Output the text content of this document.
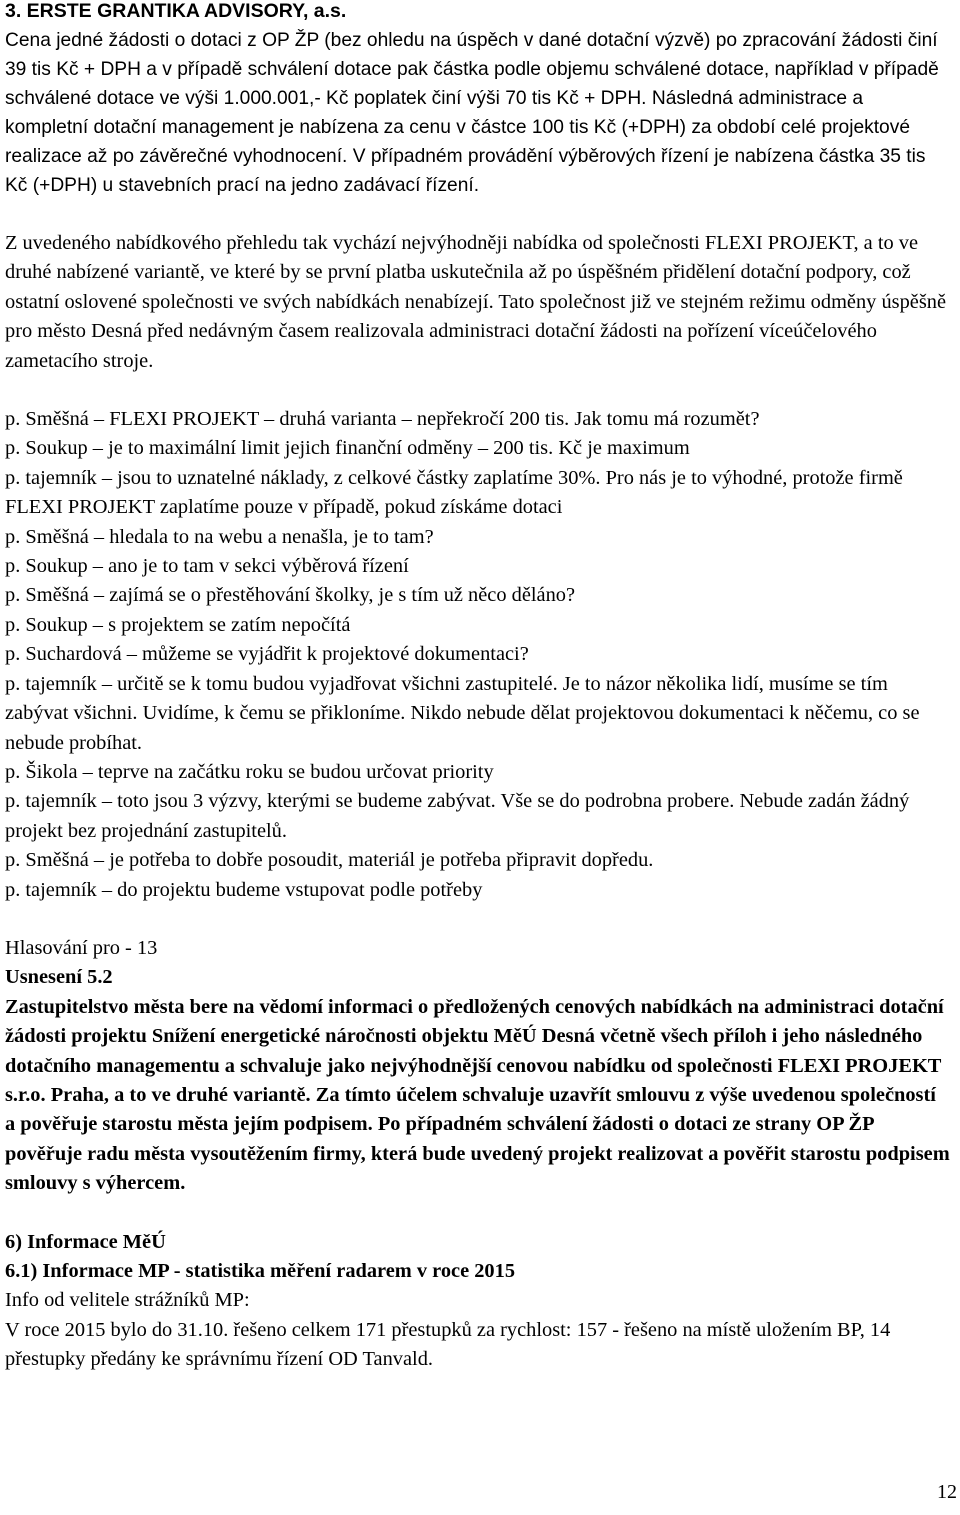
3. ERSTE GRANTIKA ADVISORY, a.s.

Cena jedné žádosti o dotaci z OP ŽP (bez ohledu na úspěch v dané dotační výzvě) po zpracování žádosti činí 39 tis Kč + DPH a v případě schválení dotace pak částka podle objemu schválené dotace, například v případě schválené dotace ve výši 1.000.001,- Kč poplatek činí výši 70 tis Kč + DPH. Následná administrace a kompletní dotační management je nabízena za cenu v částce 100 tis Kč (+DPH) za období celé projektové realizace až po závěrečné vyhodnocení. V případném provádění výběrových řízení je nabízena částka 35 tis Kč (+DPH) u stavebních prací na jedno zadávací řízení.

Z uvedeného nabídkového přehledu tak vychází nejvýhodněji nabídka od společnosti FLEXI PROJEKT, a to ve druhé nabízené variantě, ve které by se první platba uskutečnila až po úspěšném přidělení dotační podpory, což ostatní oslovené společnosti ve svých nabídkách nenabízejí. Tato společnost již ve stejném režimu odměny úspěšně pro město Desná před nedávným časem realizovala administraci dotační žádosti na pořízení víceúčelového zametacího stroje.

p. Směšná – FLEXI PROJEKT – druhá varianta – nepřekročí 200 tis. Jak tomu má rozumět?

p. Soukup – je to maximální limit jejich finanční odměny – 200 tis. Kč je maximum

p. tajemník – jsou to uznatelné náklady, z celkové částky zaplatíme 30%. Pro nás je to výhodné, protože firmě FLEXI PROJEKT zaplatíme pouze v případě, pokud získáme dotaci

p. Směšná – hledala to na webu a nenašla, je to tam?

p. Soukup – ano je to tam v sekci výběrová řízení

p. Směšná – zajímá se o přestěhování školky, je s tím už něco děláno?

p. Soukup – s projektem se zatím nepočítá

p. Suchardová – můžeme se vyjádřit k projektové dokumentaci?

p. tajemník – určitě se k tomu budou vyjadřovat všichni zastupitelé. Je to názor několika lidí, musíme se tím zabývat všichni. Uvidíme, k čemu se přikloníme. Nikdo nebude dělat projektovou dokumentaci k něčemu, co se nebude probíhat.

p. Šikola – teprve na začátku roku se budou určovat priority

p. tajemník – toto jsou 3 výzvy, kterými se budeme zabývat. Vše se do podrobna probere. Nebude zadán žádný projekt bez projednání zastupitelů.

p. Směšná – je potřeba to dobře posoudit, materiál je potřeba připravit dopředu.

p. tajemník – do projektu budeme vstupovat podle potřeby

Hlasování pro - 13

Usnesení 5.2

Zastupitelstvo města bere na vědomí informaci o předložených cenových nabídkách na administraci dotační žádosti projektu Snížení energetické náročnosti objektu MěÚ Desná včetně všech příloh i jeho následného dotačního managementu a schvaluje jako nejvýhodnější cenovou nabídku od společnosti FLEXI PROJEKT s.r.o. Praha, a to ve druhé variantě. Za tímto účelem schvaluje uzavřít smlouvu z výše uvedenou společností a pověřuje starostu města jejím podpisem. Po případném schválení žádosti o dotaci ze strany OP ŽP pověřuje radu města vysoutěžením firmy, která bude uvedený projekt realizovat a pověřit starostu podpisem smlouvy s výhercem.

6) Informace MěÚ

6.1) Informace MP - statistika měření radarem v roce 2015

Info od velitele strážníků MP:

V roce 2015 bylo do 31.10. řešeno celkem 171 přestupků za rychlost: 157 - řešeno na místě uložením BP, 14 přestupky předány ke správnímu řízení OD Tanvald.

12
